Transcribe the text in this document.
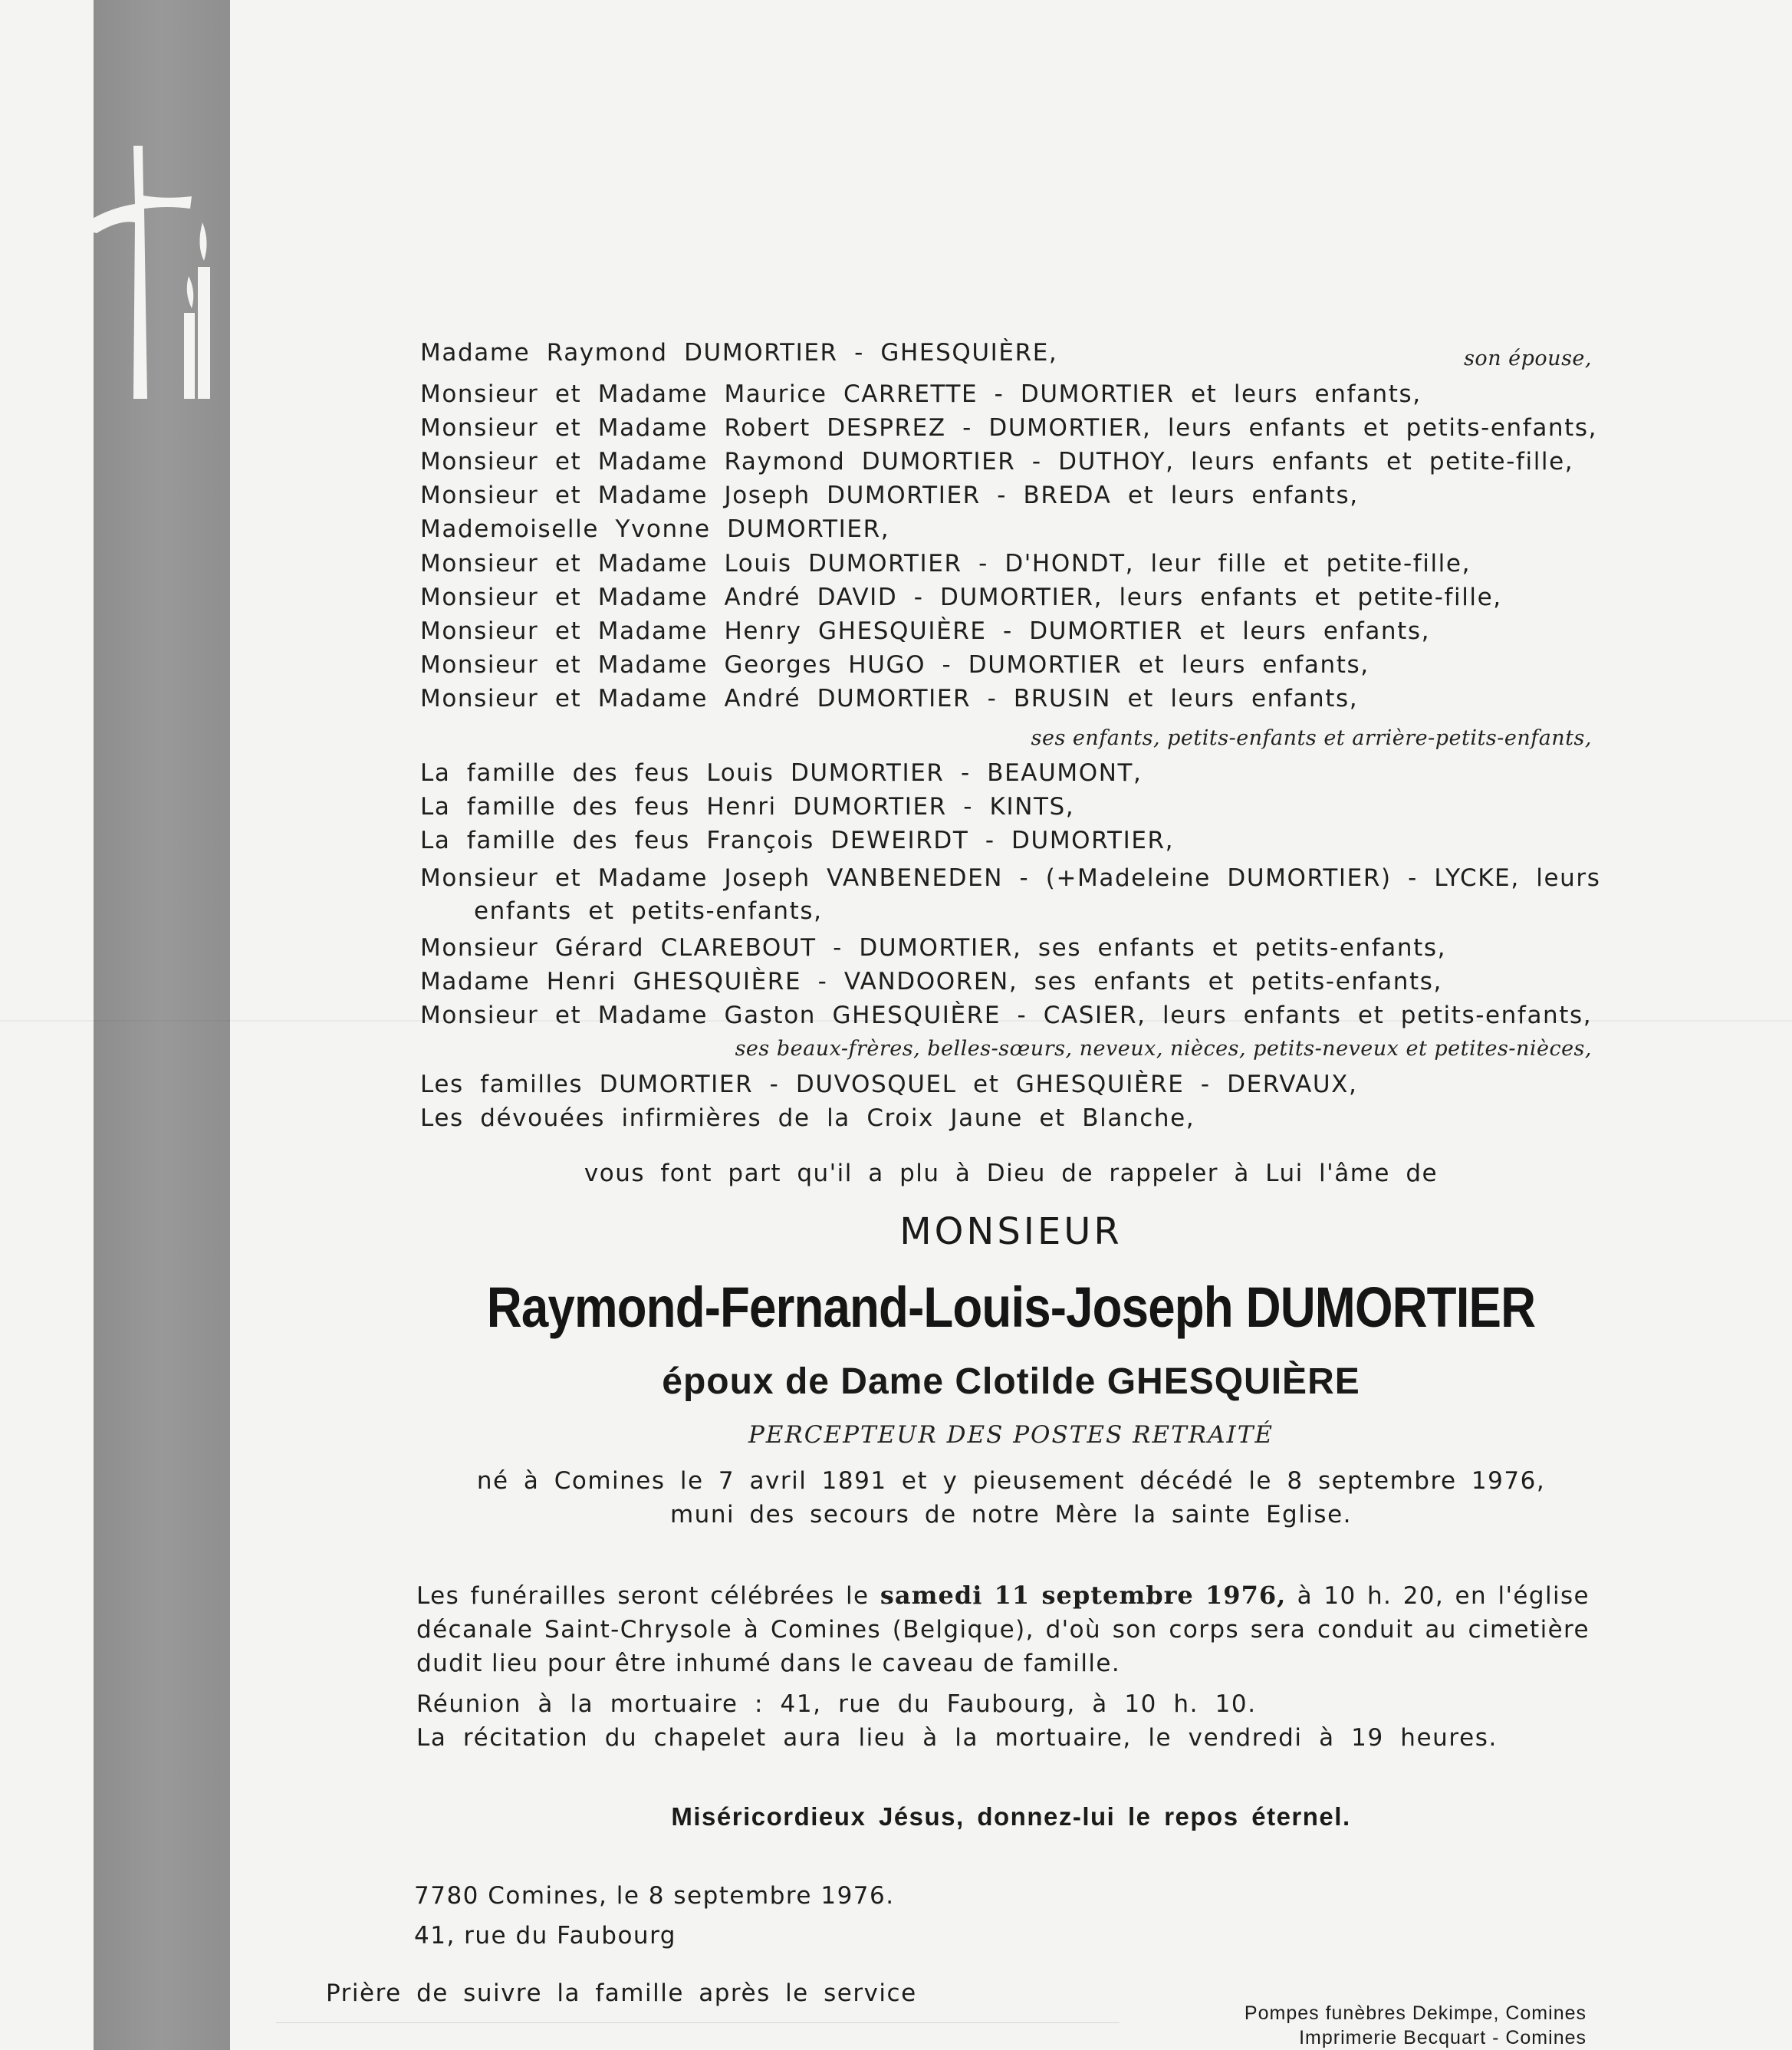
Madame Raymond DUMORTIER - GHESQUIÈRE,
Monsieur et Madame Maurice CARRETTE - DUMORTIER et leurs enfants,
Monsieur et Madame Robert DESPREZ - DUMORTIER, leurs enfants et petits-enfants,
Monsieur et Madame Raymond DUMORTIER - DUTHOY, leurs enfants et petite-fille,
Monsieur et Madame Joseph DUMORTIER - BREDA et leurs enfants,
Mademoiselle Yvonne DUMORTIER,
Monsieur et Madame Louis DUMORTIER - D'HONDT, leur fille et petite-fille,
Monsieur et Madame André DAVID - DUMORTIER, leurs enfants et petite-fille,
Monsieur et Madame Henry GHESQUIÈRE - DUMORTIER et leurs enfants,
Monsieur et Madame Georges HUGO - DUMORTIER et leurs enfants,
Monsieur et Madame André DUMORTIER - BRUSIN et leurs enfants,
son épouse,
ses enfants, petits-enfants et arrière-petits-enfants,
La famille des feus Louis DUMORTIER - BEAUMONT,
La famille des feus Henri DUMORTIER - KINTS,
La famille des feus François DEWEIRDT - DUMORTIER,
Monsieur et Madame Joseph VANBENEDEN - (+Madeleine DUMORTIER) - LYCKE, leurs
enfants et petits-enfants,
Monsieur Gérard CLAREBOUT - DUMORTIER, ses enfants et petits-enfants,
Madame Henri GHESQUIÈRE - VANDOOREN, ses enfants et petits-enfants,
Monsieur et Madame Gaston GHESQUIÈRE - CASIER, leurs enfants et petits-enfants,
ses beaux-frères, belles-sœurs, neveux, nièces, petits-neveux et petites-nièces,
Les familles DUMORTIER - DUVOSQUEL et GHESQUIÈRE - DERVAUX,
Les dévouées infirmières de la Croix Jaune et Blanche,
vous font part qu'il a plu à Dieu de rappeler à Lui l'âme de
MONSIEUR
Raymond-Fernand-Louis-Joseph DUMORTIER
époux de Dame Clotilde GHESQUIÈRE
PERCEPTEUR DES POSTES RETRAITÉ
né à Comines le 7 avril 1891 et y pieusement décédé le 8 septembre 1976,
muni des secours de notre Mère la sainte Eglise.
Les funérailles seront célébrées le samedi 11 septembre 1976, à 10 h. 20, en l'église décanale Saint-Chrysole à Comines (Belgique), d'où son corps sera conduit au cimetière dudit lieu pour être inhumé dans le caveau de famille.
Réunion à la mortuaire : 41, rue du Faubourg, à 10 h. 10.
La récitation du chapelet aura lieu à la mortuaire, le vendredi à 19 heures.
Miséricordieux Jésus, donnez-lui le repos éternel.
7780 Comines, le 8 septembre 1976.
41, rue du Faubourg
Prière de suivre la famille après le service
Pompes funèbres Dekimpe, Comines
Imprimerie Becquart - Comines
